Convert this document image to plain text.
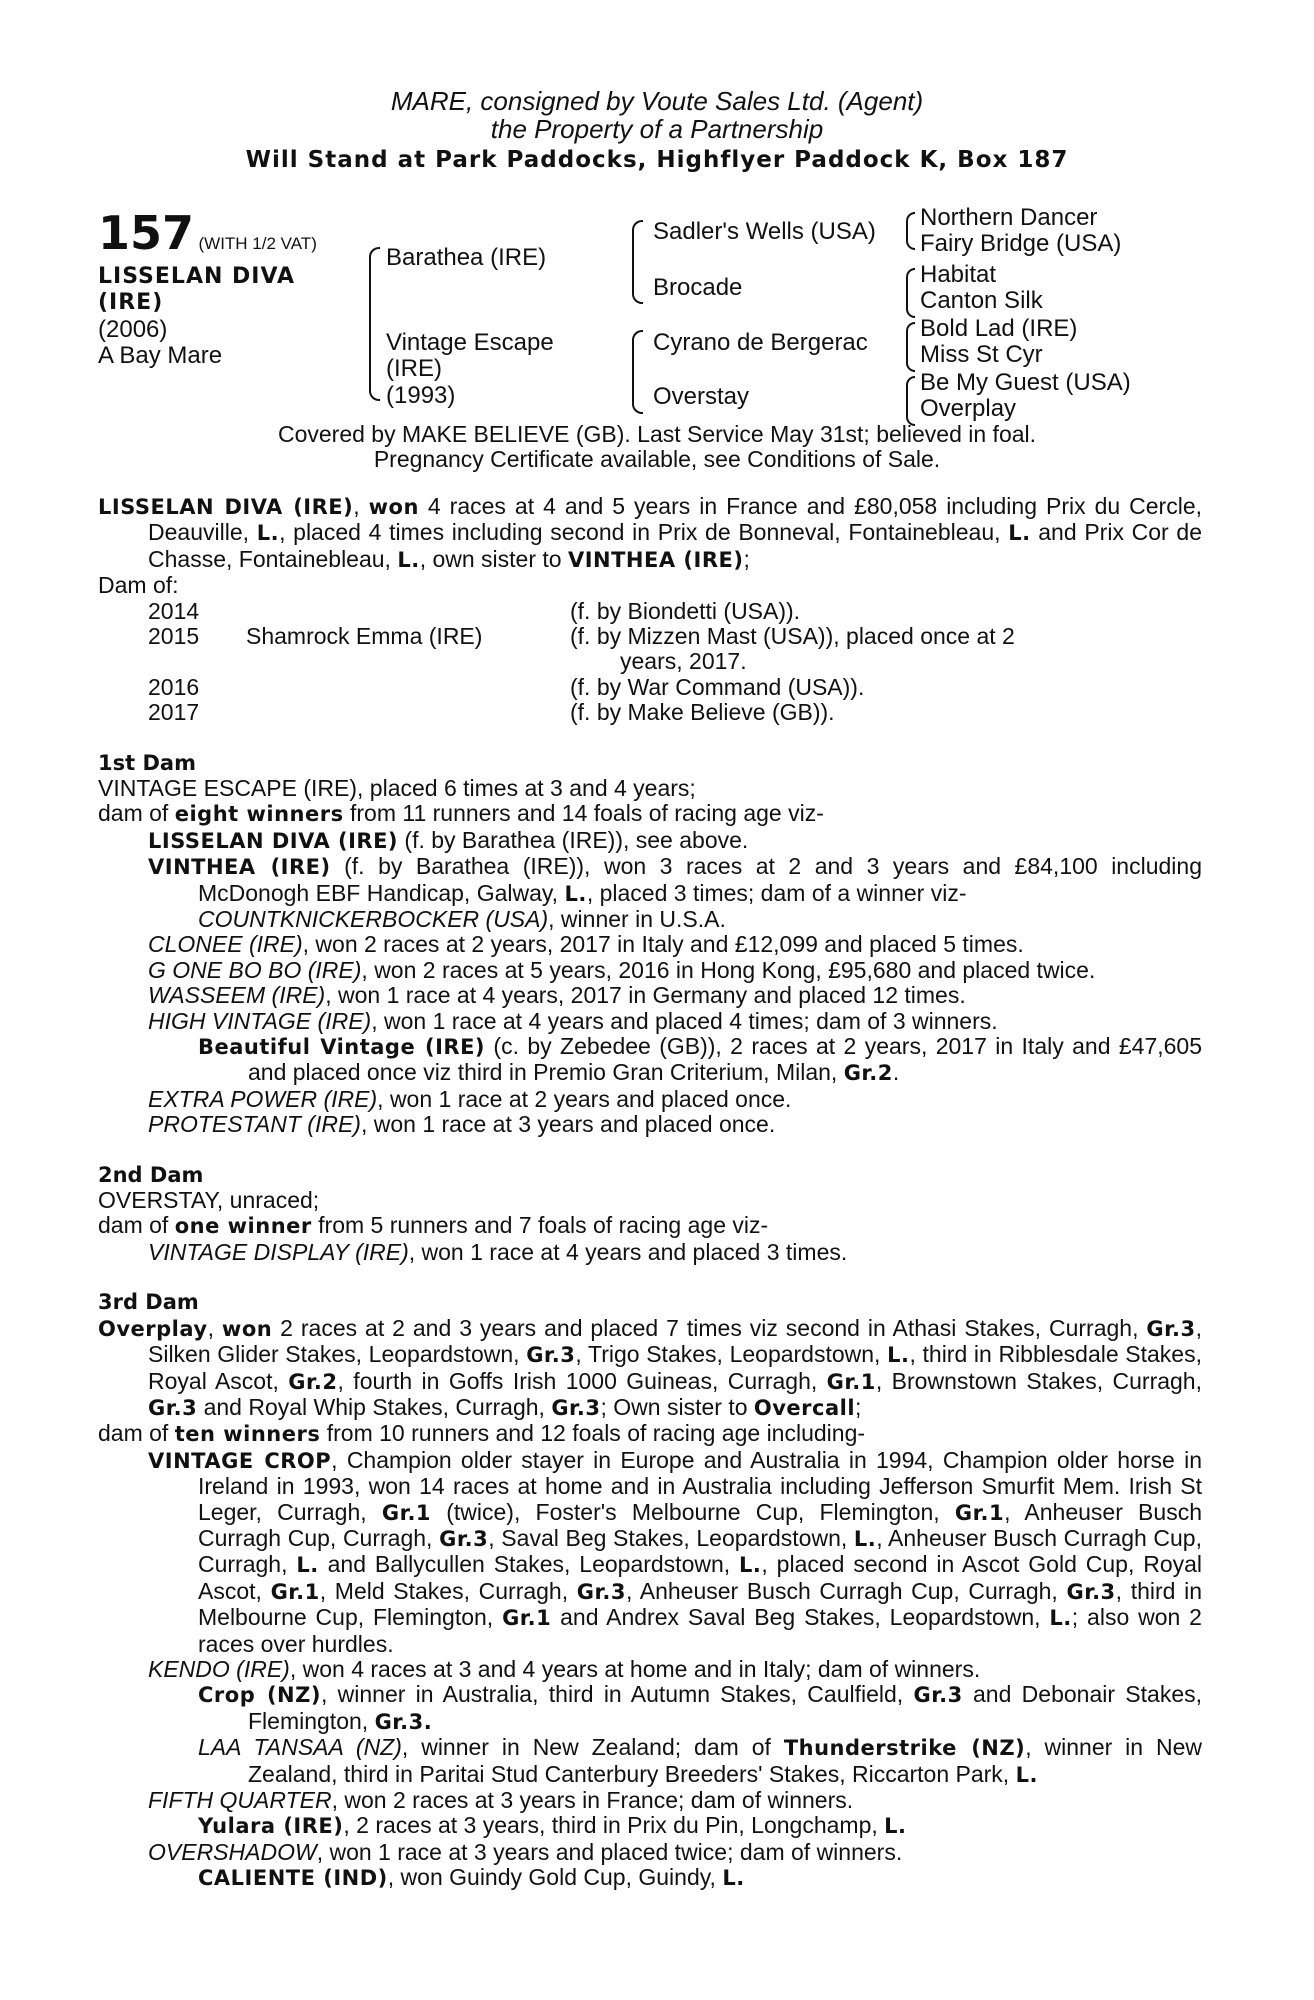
MARE, consigned by Voute Sales Ltd. (Agent)
the Property of a Partnership
Will Stand at Park Paddocks, Highflyer Paddock K, Box 187
157 (WITH 1/2 VAT)
LISSELAN DIVA
(IRE)
(2006)
A Bay Mare
Barathea (IRE)
Vintage Escape
(IRE)
(1993)
Sadler's Wells (USA)
Brocade
Cyrano de Bergerac
Overstay
Northern Dancer
Fairy Bridge (USA)
Habitat
Canton Silk
Bold Lad (IRE)
Miss St Cyr
Be My Guest (USA)
Overplay
Covered by MAKE BELIEVE (GB). Last Service May 31st; believed in foal.
Pregnancy Certificate available, see Conditions of Sale.

LISSELAN DIVA (IRE), won 4 races at 4 and 5 years in France and £80,058 including Prix du Cercle, Deauville, L., placed 4 times including second in Prix de Bonneval, Fontainebleau, L. and Prix Cor de Chasse, Fontainebleau, L., own sister to VINTHEA (IRE);

Dam of:

2014	(f. by Biondetti (USA)).
2015 Shamrock Emma (IRE)	(f. by Mizzen Mast (USA)), placed once at 2
years, 2017.
2016	(f. by War Command (USA)).
2017	(f. by Make Believe (GB)).

1st Dam

VINTAGE ESCAPE (IRE), placed 6 times at 3 and 4 years;

dam of eight winners from 11 runners and 14 foals of racing age viz-

LISSELAN DIVA (IRE) (f. by Barathea (IRE)), see above.

VINTHEA (IRE) (f. by Barathea (IRE)), won 3 races at 2 and 3 years and £84,100 including McDonogh EBF Handicap, Galway, L., placed 3 times; dam of a winner viz-

COUNTKNICKERBOCKER (USA), winner in U.S.A.

CLONEE (IRE), won 2 races at 2 years, 2017 in Italy and £12,099 and placed 5 times.

G ONE BO BO (IRE), won 2 races at 5 years, 2016 in Hong Kong, £95,680 and placed twice.

WASSEEM (IRE), won 1 race at 4 years, 2017 in Germany and placed 12 times.

HIGH VINTAGE (IRE), won 1 race at 4 years and placed 4 times; dam of 3 winners.

Beautiful Vintage (IRE) (c. by Zebedee (GB)), 2 races at 2 years, 2017 in Italy and £47,605 and placed once viz third in Premio Gran Criterium, Milan, Gr.2.

EXTRA POWER (IRE), won 1 race at 2 years and placed once.

PROTESTANT (IRE), won 1 race at 3 years and placed once.

2nd Dam

OVERSTAY, unraced;

dam of one winner from 5 runners and 7 foals of racing age viz-

VINTAGE DISPLAY (IRE), won 1 race at 4 years and placed 3 times.

3rd Dam

Overplay, won 2 races at 2 and 3 years and placed 7 times viz second in Athasi Stakes, Curragh, Gr.3, Silken Glider Stakes, Leopardstown, Gr.3, Trigo Stakes, Leopardstown, L., third in Ribblesdale Stakes, Royal Ascot, Gr.2, fourth in Goffs Irish 1000 Guineas, Curragh, Gr.1, Brownstown Stakes, Curragh, Gr.3 and Royal Whip Stakes, Curragh, Gr.3; Own sister to Overcall;

dam of ten winners from 10 runners and 12 foals of racing age including-

VINTAGE CROP, Champion older stayer in Europe and Australia in 1994, Champion older horse in Ireland in 1993, won 14 races at home and in Australia including Jefferson Smurfit Mem. Irish St Leger, Curragh, Gr.1 (twice), Foster's Melbourne Cup, Flemington, Gr.1, Anheuser Busch Curragh Cup, Curragh, Gr.3, Saval Beg Stakes, Leopardstown, L., Anheuser Busch Curragh Cup, Curragh, L. and Ballycullen Stakes, Leopardstown, L., placed second in Ascot Gold Cup, Royal Ascot, Gr.1, Meld Stakes, Curragh, Gr.3, Anheuser Busch Curragh Cup, Curragh, Gr.3, third in Melbourne Cup, Flemington, Gr.1 and Andrex Saval Beg Stakes, Leopardstown, L.; also won 2 races over hurdles.

KENDO (IRE), won 4 races at 3 and 4 years at home and in Italy; dam of winners.

Crop (NZ), winner in Australia, third in Autumn Stakes, Caulfield, Gr.3 and Debonair Stakes, Flemington, Gr.3.

LAA TANSAA (NZ), winner in New Zealand; dam of Thunderstrike (NZ), winner in New Zealand, third in Paritai Stud Canterbury Breeders' Stakes, Riccarton Park, L.

FIFTH QUARTER, won 2 races at 3 years in France; dam of winners.

Yulara (IRE), 2 races at 3 years, third in Prix du Pin, Longchamp, L.

OVERSHADOW, won 1 race at 3 years and placed twice; dam of winners.

CALIENTE (IND), won Guindy Gold Cup, Guindy, L.
